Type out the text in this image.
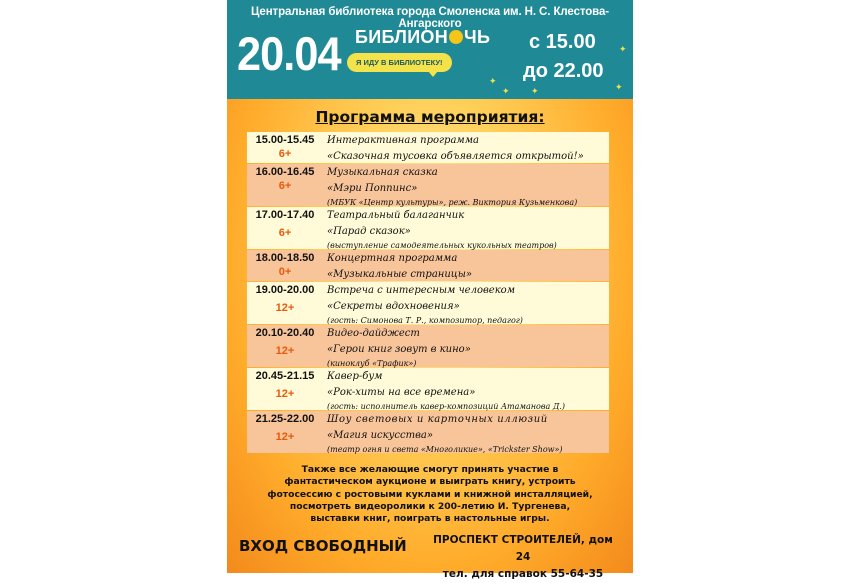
Центральная библиотека города Смоленска им. Н. С. Клестова-Ангарского
20.04 БИБЛИОН ЧЬ
Я ИДУ В БИБЛИОТЕКУ!
с 15.00
до 22.00
✦
✦ ✦
✦
✦
Программа мероприятия:
15.00-15.45
6+
Интерактивная программа
«Сказочная тусовка объявляется открытой!»
16.00-16.45
6+
Музыкальная сказка
«Мэри Поппинс»
(МБУК «Центр культуры», реж. Виктория Кузьменкова)
17.00-17.40
6+
Театральный балаганчик
«Парад сказок»
(выступление самодеятельных кукольных театров)
18.00-18.50
0+
Концертная программа
«Музыкальные страницы»
19.00-20.00
12+
Встреча с интересным человеком
«Секреты вдохновения»
(гость: Симонова Т. Р., композитор, педагог)
20.10-20.40
12+
Видео-дайджест
«Герои книг зовут в кино»
(киноклуб «Трафик»)
20.45-21.15
12+
Кавер-бум
«Рок-хиты на все времена»
(гость: исполнитель кавер-композиций Атаманова Д.)
21.25-22.00
12+
Шоу световых и карточных иллюзий
«Магия искусства»
(театр огня и света «Многоликие», «Trickster Show»)
Также все желающие смогут принять участие в
фантастическом аукционе и выиграть книгу, устроить
фотосессию с ростовыми куклами и книжной инсталляцией,
посмотреть видеоролики к 200-летию И. Тургенева,
выставки книг, поиграть в настольные игры.
ВХОД СВОБОДНЫЙ	ПРОСПЕКТ СТРОИТЕЛЕЙ, дом 24
тел. для справок 55-64-35
